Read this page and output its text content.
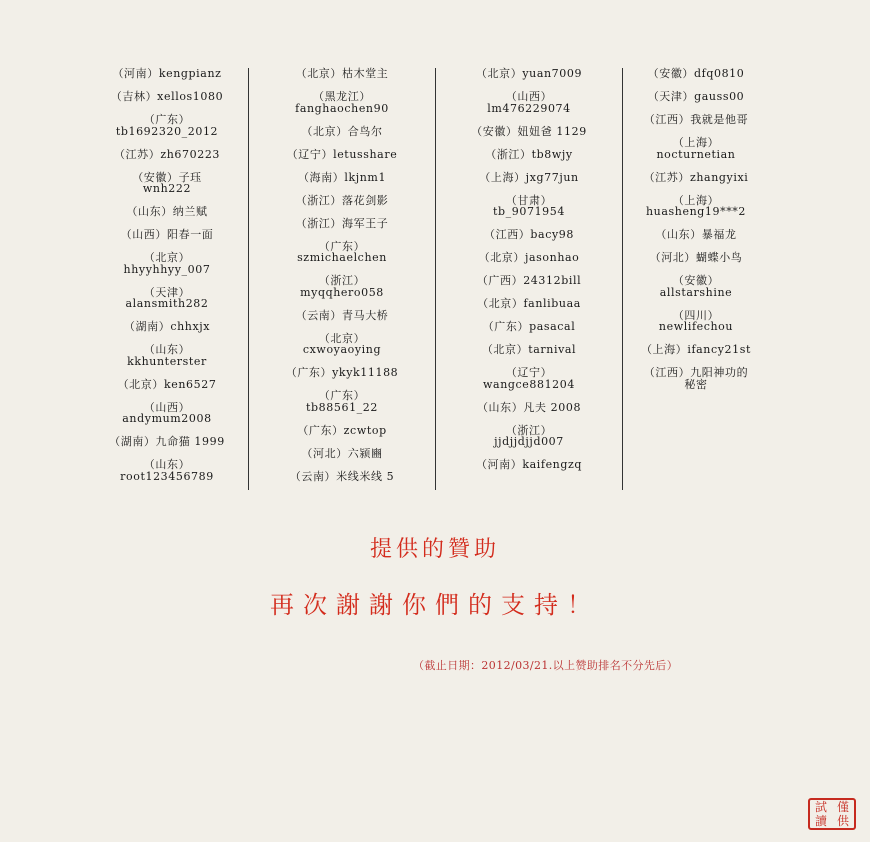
（河南）kengpianz
（吉林）xellos1080
（广东）
tb1692320_2012
（江苏）zh670223
（安徽）子珏
wnh222
（山东）纳兰赋
（山西）阳春一面
（北京）
hhyyhhyy_007
（天津）
alansmith282
（湖南）chhxjx
（山东）
kkhunterster
（北京）ken6527
（山西）
andymum2008
（湖南）九命猫 1999
（山东）
root123456789
（北京）枯木堂主
（黑龙江）
fanghaochen90
（北京）合鸟尔
（辽宁）letusshare
（海南）lkjnm1
（浙江）落花剑影
（浙江）海军王子
（广东）
szmichaelchen
（浙江）
myqqhero058
（云南）青马大桥
（北京）
cxwoyaoying
（广东）ykyk11188
（广东）
tb88561_22
（广东）zcwtop
（河北）六颍豳
（云南）米线米线 5
（北京）yuan7009
（山西）
lm476229074
（安徽）妞妞爸 1129
（浙江）tb8wjy
（上海）jxg77jun
（甘肃）
tb_9071954
（江西）bacy98
（北京）jasonhao
（广西）24312bill
（北京）fanlibuaa
（广东）pasacal
（北京）tarnival
（辽宁）
wangce881204
（山东）凡夫 2008
（浙江）
jjdjjdjjd007
（河南）kaifengzq
（安徽）dfq0810
（天津）gauss00
（江西）我就是他哥
（上海）
nocturnetian
（江苏）zhangyixi
（上海）
huasheng19***2
（山东）暴福龙
（河北）蝴蝶小鸟
（安徽）
allstarshine
（四川）
newlifechou
（上海）ifancy21st
（江西）九阳神功的
秘密
提供的贊助
再次謝謝你們的支持！
（截止日期：2012/03/21.以上赞助排名不分先后）
試 僅
讀 供
